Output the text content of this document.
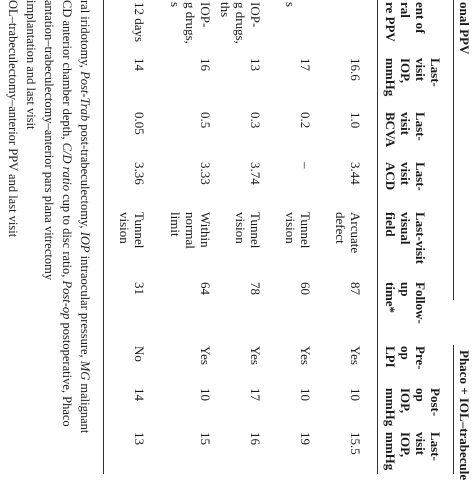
onal PPV
Phaco + IOL–trabecule
ent of
ral
re PPV
Last-
visit
IOP,
mmHg
Last-
visit
BCVA
Last-
visit
ACD
Last-visit
visual
field
Follow-
up
time*
Pre-
op
LPI
Post-
op
IOP,
mmHg
Last-
visit
IOP,
mmHg
16.6
1.0
3.44
Arcuate
defect
87
Yes
10
15.5
s
17
0.2
–
Tunnel
vision
60
Yes
10
19
IOP-
g drugs,
ths
13
0.3
3.74
Tunnel
vision
78
Yes
17
16
IOP-
g drugs,
s
16
0.5
3.33
Within
normal
limit
64
Yes
10
15
12 days
14
0.05
3.36
Tunnel
vision
31
No
14
13
ral iridotomy, Post-Trab post-trabeculectomy, IOP intraocular pressure, MG malignant
CD anterior chamber depth, C/D ratio cup to disc ratio, Post-op postoperative, Phaco
antation–trabeculectomy–anterior pars plana vitrectomy
implantation and last visit
OL–trabeculectomy–anterior PPV and last visit
